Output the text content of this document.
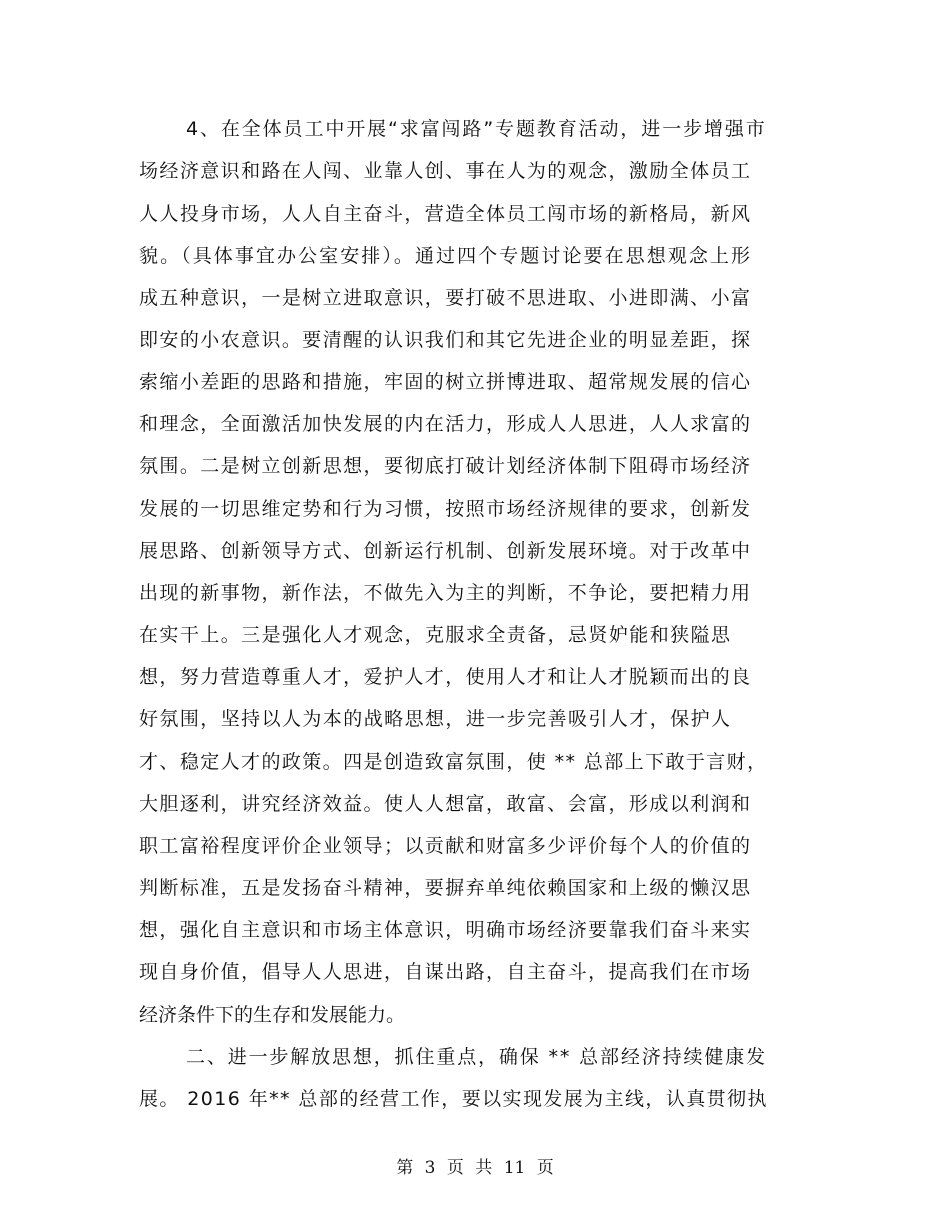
4、在全体员工中开展“求富闯路”专题教育活动，进一步增强市
场经济意识和路在人闯、业靠人创、事在人为的观念，激励全体员工
人人投身市场，人人自主奋斗，营造全体员工闯市场的新格局，新风
貌。（具体事宜办公室安排）。通过四个专题讨论要在思想观念上形
成五种意识，一是树立进取意识，要打破不思进取、小进即满、小富
即安的小农意识。要清醒的认识我们和其它先进企业的明显差距，探
索缩小差距的思路和措施，牢固的树立拼博进取、超常规发展的信心
和理念，全面激活加快发展的内在活力，形成人人思进，人人求富的
氛围。二是树立创新思想，要彻底打破计划经济体制下阻碍市场经济
发展的一切思维定势和行为习惯，按照市场经济规律的要求，创新发
展思路、创新领导方式、创新运行机制、创新发展环境。对于改革中
出现的新事物，新作法，不做先入为主的判断，不争论，要把精力用
在实干上。三是强化人才观念，克服求全责备，忌贤妒能和狭隘思
想，努力营造尊重人才，爱护人才，使用人才和让人才脱颖而出的良
好氛围，坚持以人为本的战略思想，进一步完善吸引人才，保护人
才、稳定人才的政策。四是创造致富氛围，使 ** 总部上下敢于言财，
大胆逐利，讲究经济效益。使人人想富，敢富、会富，形成以利润和
职工富裕程度评价企业领导；以贡献和财富多少评价每个人的价值的
判断标准，五是发扬奋斗精神，要摒弃单纯依赖国家和上级的懒汉思
想，强化自主意识和市场主体意识，明确市场经济要靠我们奋斗来实
现自身价值，倡导人人思进，自谋出路，自主奋斗，提高我们在市场
经济条件下的生存和发展能力。
二、进一步解放思想，抓住重点，确保 ** 总部经济持续健康发
展。 2016 年** 总部的经营工作，要以实现发展为主线，认真贯彻执
第 3 页 共 11 页
